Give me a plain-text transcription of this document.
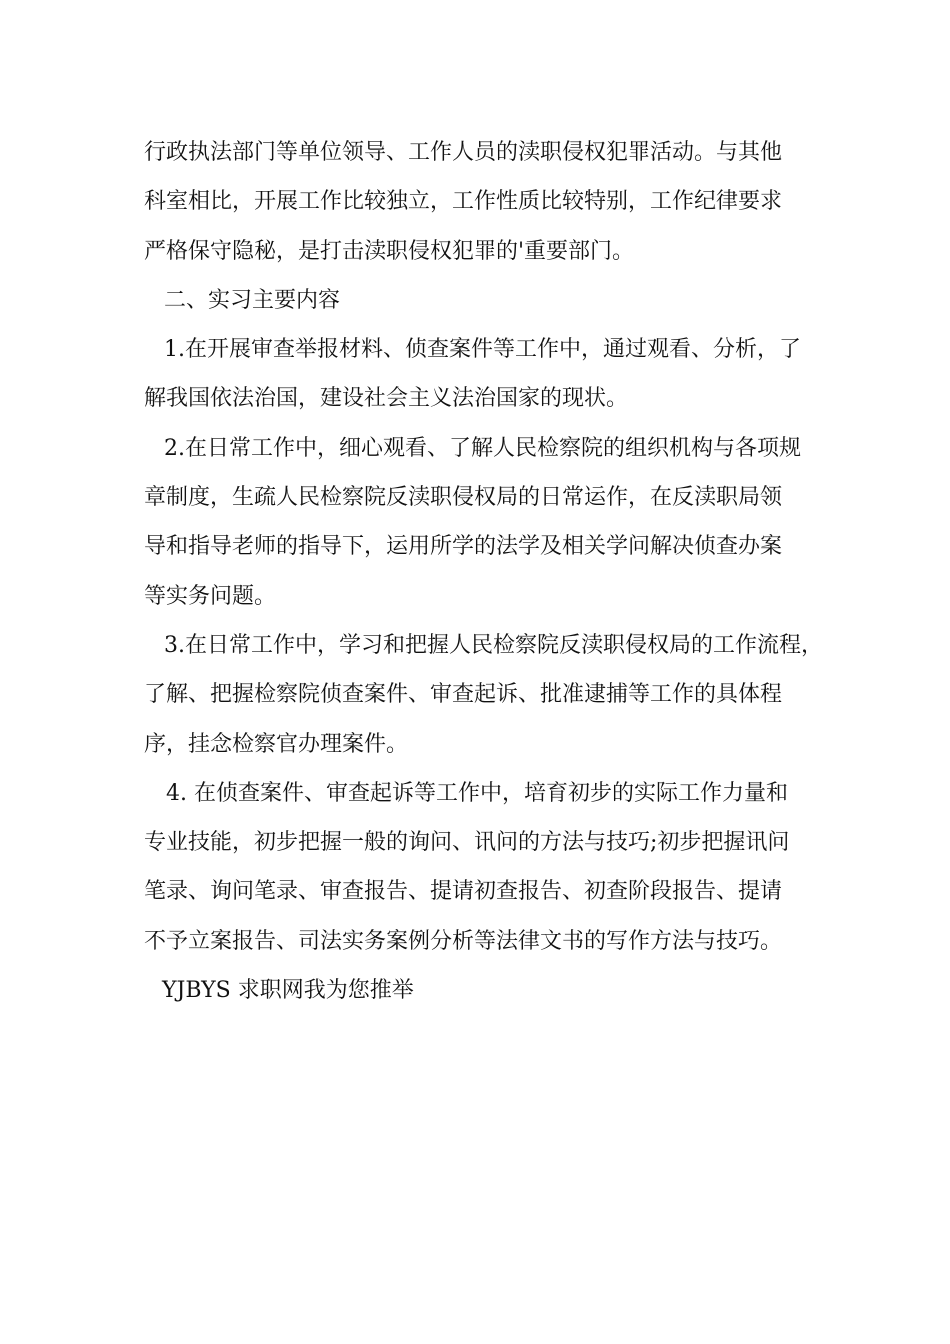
行政执法部门等单位领导、工作人员的渎职侵权犯罪活动。与其他
科室相比，开展工作比较独立，工作性质比较特别，工作纪律要求
严格保守隐秘，是打击渎职侵权犯罪的'重要部门。
二、实习主要内容
1.在开展审查举报材料、侦查案件等工作中，通过观看、分析，了
解我国依法治国，建设社会主义法治国家的现状。
2.在日常工作中，细心观看、了解人民检察院的组织机构与各项规
章制度，生疏人民检察院反渎职侵权局的日常运作，在反渎职局领
导和指导老师的指导下，运用所学的法学及相关学问解决侦查办案
等实务问题。
3.在日常工作中，学习和把握人民检察院反渎职侵权局的工作流程，
了解、把握检察院侦查案件、审查起诉、批准逮捕等工作的具体程
序，挂念检察官办理案件。
4. 在侦查案件、审查起诉等工作中，培育初步的实际工作力量和
专业技能，初步把握一般的询问、讯问的方法与技巧;初步把握讯问
笔录、询问笔录、审查报告、提请初查报告、初查阶段报告、提请
不予立案报告、司法实务案例分析等法律文书的写作方法与技巧。
YJBYS 求职网我为您推举
